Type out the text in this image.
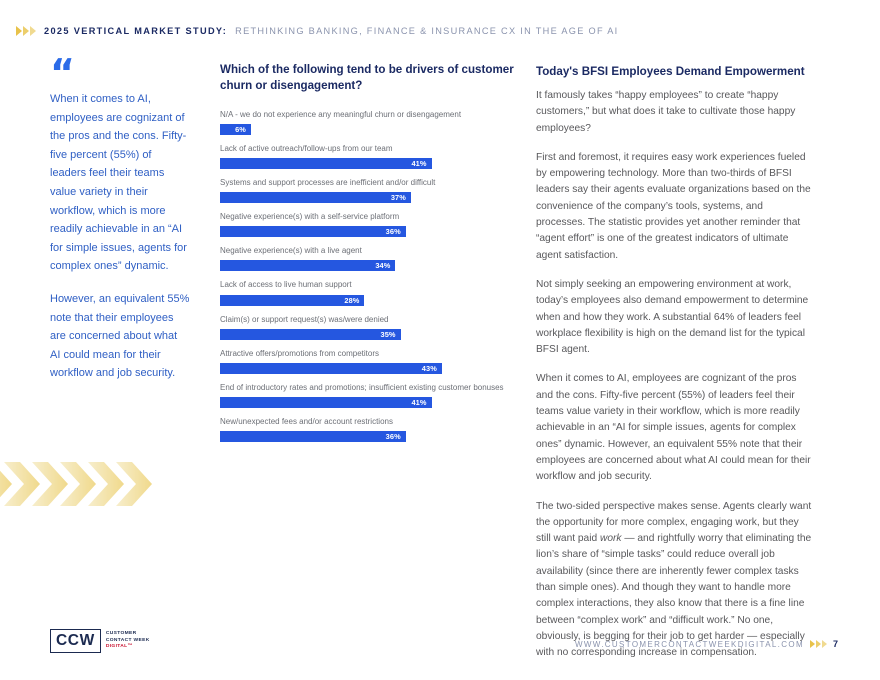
2025 VERTICAL MARKET STUDY: RETHINKING BANKING, FINANCE & INSURANCE CX IN THE AGE OF AI
“

When it comes to AI, employees are cognizant of the pros and the cons. Fifty-five percent (55%) of leaders feel their teams value variety in their workflow, which is more readily achievable in an “AI for simple issues, agents for complex ones” dynamic.

However, an equivalent 55% note that their employees are concerned about what AI could mean for their workflow and job security.

Which of the following tend to be drivers of customer churn or disengagement?
N/A - we do not experience any meaningful churn or disengagement
6%
Lack of active outreach/follow-ups from our team
41%
Systems and support processes are inefficient and/or difficult
37%
Negative experience(s) with a self-service platform
36%
Negative experience(s) with a live agent
34%
Lack of access to live human support
28%
Claim(s) or support request(s) was/were denied
35%
Attractive offers/promotions from competitors
43%
End of introductory rates and promotions; insufficient existing customer bonuses
41%
New/unexpected fees and/or account restrictions
36%
Today's BFSI Employees Demand Empowerment

It famously takes “happy employees” to create “happy customers,” but what does it take to cultivate those happy employees?

First and foremost, it requires easy work experiences fueled by empowering technology. More than two-thirds of BFSI leaders say their agents evaluate organizations based on the convenience of the company’s tools, systems, and processes. The statistic provides yet another reminder that “agent effort” is one of the greatest indicators of ultimate agent satisfaction.

Not simply seeking an empowering environment at work, today’s employees also demand empowerment to determine when and how they work. A substantial 64% of leaders feel workplace flexibility is high on the demand list for the typical BFSI agent.

When it comes to AI, employees are cognizant of the pros and the cons. Fifty-five percent (55%) of leaders feel their teams value variety in their workflow, which is more readily achievable in an “AI for simple issues, agents for complex ones” dynamic. However, an equivalent 55% note that their employees are concerned about what AI could mean for their workflow and job security.

The two-sided perspective makes sense. Agents clearly want the opportunity for more complex, engaging work, but they still want paid work — and rightfully worry that eliminating the lion’s share of “simple tasks” could reduce overall job availability (since there are inherently fewer complex tasks than simple ones). And though they want to handle more complex interactions, they also know that there is a fine line between “complex work” and “difficult work.” No one, obviously, is begging for their job to get harder — especially with no corresponding increase in compensation.

CCW	CUSTOMER
CONTACT WEEK
DIGITAL™	WWW.CUSTOMERCONTACTWEEKDIGITAL.COM	7
